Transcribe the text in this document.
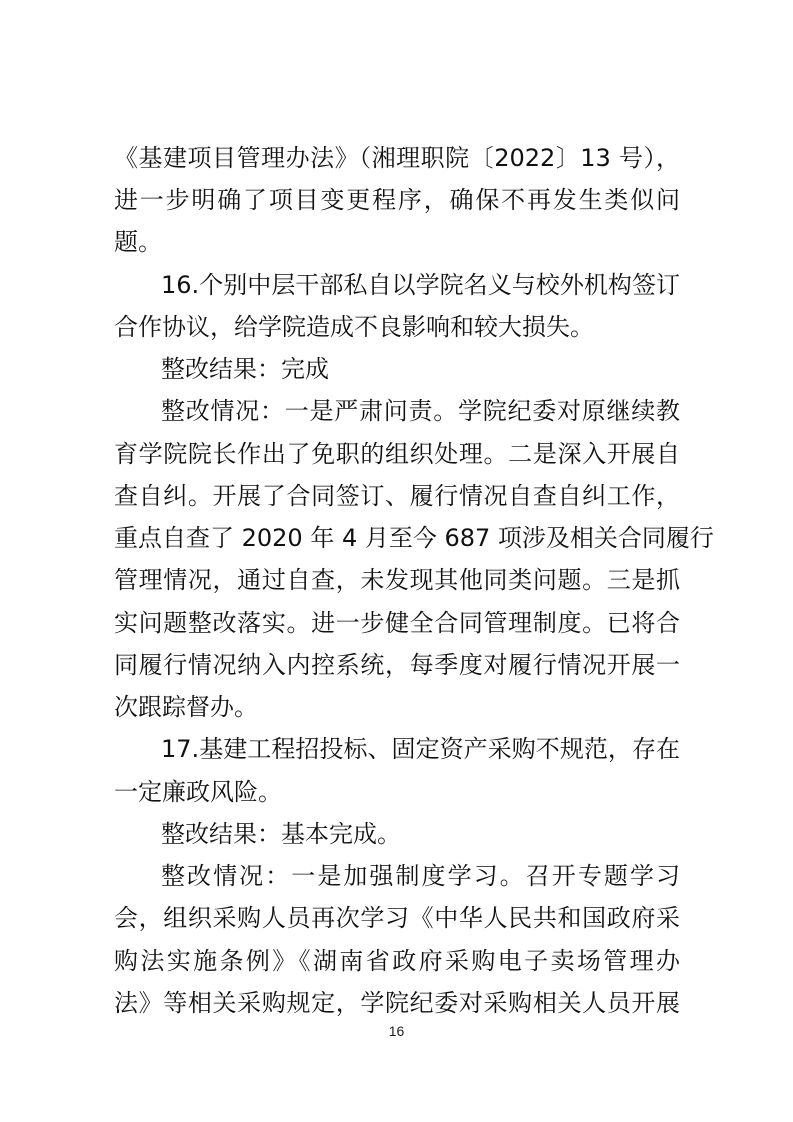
《基建项目管理办法》（湘理职院〔2022〕13 号），
进一步明确了项目变更程序，确保不再发生类似问
题。
16.个别中层干部私自以学院名义与校外机构签订
合作协议，给学院造成不良影响和较大损失。
整改结果：完成
整改情况：一是严肃问责。学院纪委对原继续教
育学院院长作出了免职的组织处理。二是深入开展自
查自纠。开展了合同签订、履行情况自查自纠工作，
重点自查了 2020 年 4 月至今 687 项涉及相关合同履行
管理情况，通过自查，未发现其他同类问题。三是抓
实问题整改落实。进一步健全合同管理制度。已将合
同履行情况纳入内控系统，每季度对履行情况开展一
次跟踪督办。
17.基建工程招投标、固定资产采购不规范，存在
一定廉政风险。
整改结果：基本完成。
整改情况：一是加强制度学习。召开专题学习
会，组织采购人员再次学习《中华人民共和国政府采
购法实施条例》《湖南省政府采购电子卖场管理办
法》等相关采购规定，学院纪委对采购相关人员开展
16
